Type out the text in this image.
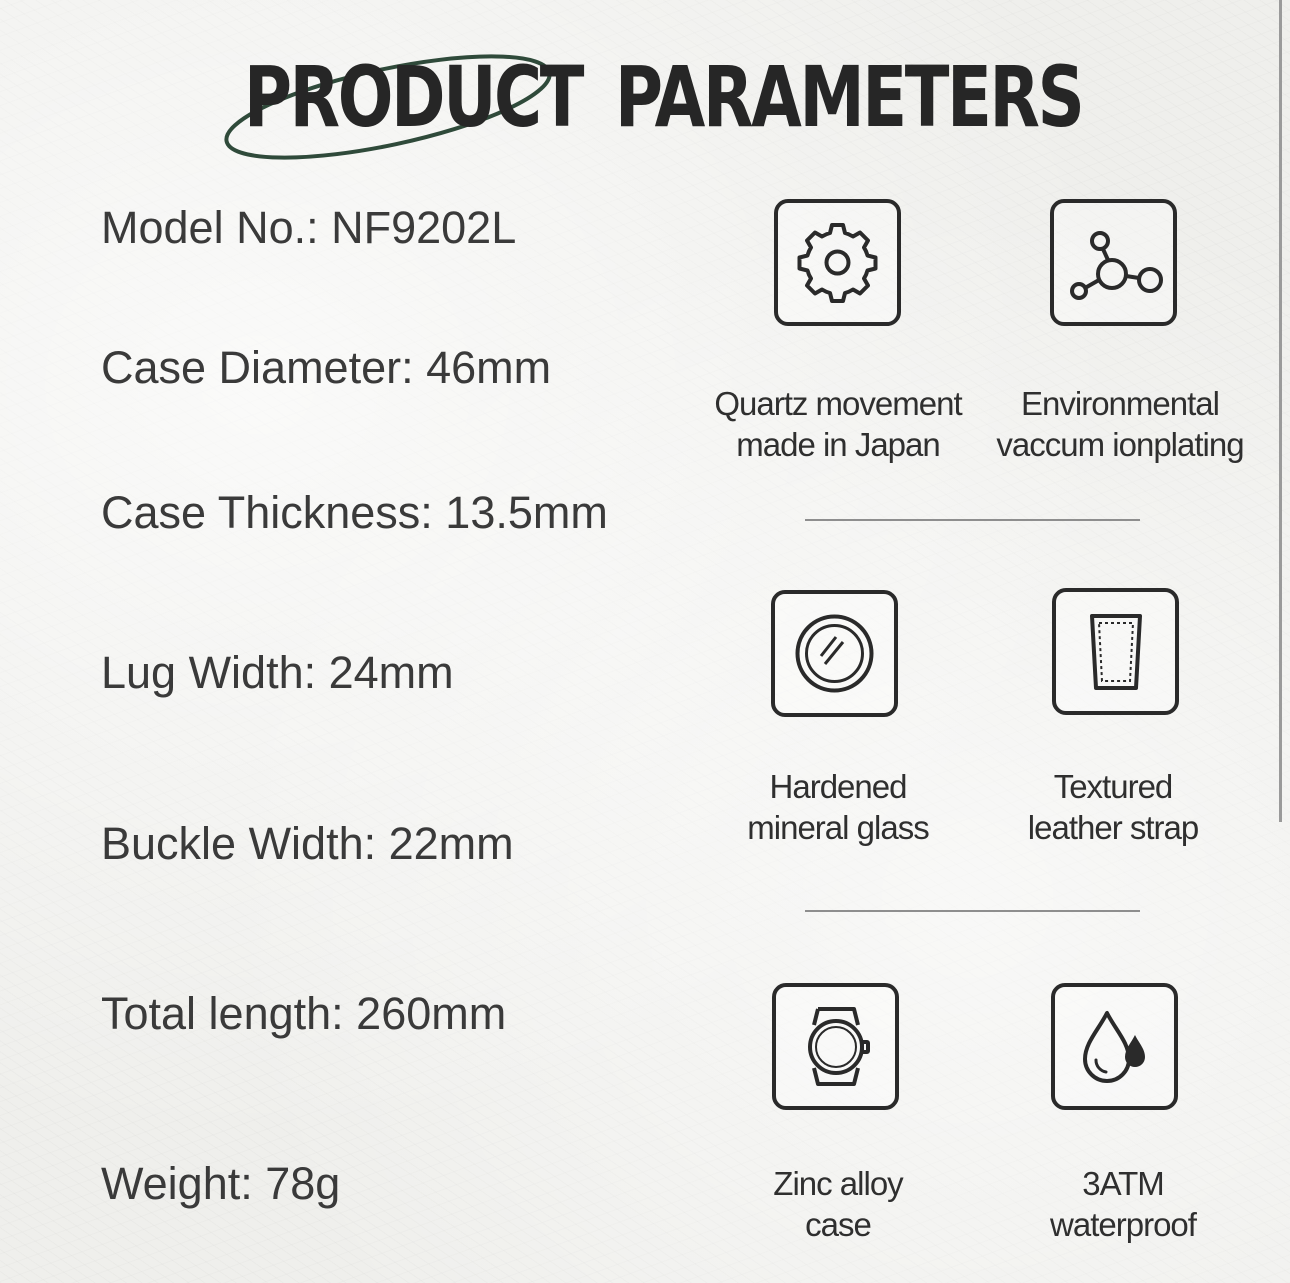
PRODUCT PARAMETERS
Model No.: NF9202L
Case Diameter: 46mm
Case Thickness: 13.5mm
Lug Width: 24mm
Buckle Width: 22mm
Total length: 260mm
Weight: 78g
Quartz movement
made in Japan
Environmental
vaccum ionplating
Hardened
mineral glass
Textured
leather strap
Zinc alloy
case
3ATM
waterproof
